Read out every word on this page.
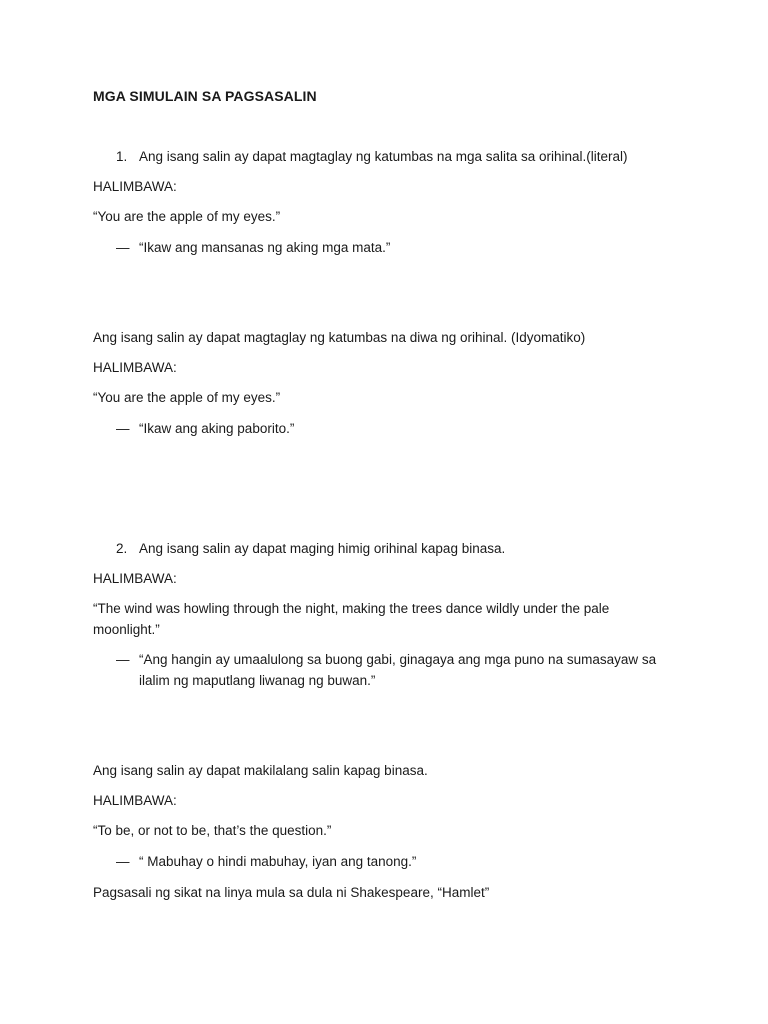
MGA SIMULAIN SA PAGSASALIN
1. Ang isang salin ay dapat magtaglay ng katumbas na mga salita sa orihinal.(literal)
HALIMBAWA:
“You are the apple of my eyes.”
— “Ikaw ang mansanas ng aking mga mata.”
Ang isang salin ay dapat magtaglay ng katumbas na diwa ng orihinal. (Idyomatiko)
HALIMBAWA:
“You are the apple of my eyes.”
— “Ikaw ang aking paborito.”
2. Ang isang salin ay dapat maging himig orihinal kapag binasa.
HALIMBAWA:
“The wind was howling through the night, making the trees dance wildly under the pale moonlight.”
— “Ang hangin ay umaalulong sa buong gabi, ginagaya ang mga puno na sumasayaw sa ilalim ng maputlang liwanag ng buwan.”
Ang isang salin ay dapat makilalang salin kapag binasa.
HALIMBAWA:
“To be, or not to be, that’s the question.”
— “ Mabuhay o hindi mabuhay, iyan ang tanong.”
Pagsasali ng sikat na linya mula sa dula ni Shakespeare, “Hamlet”
